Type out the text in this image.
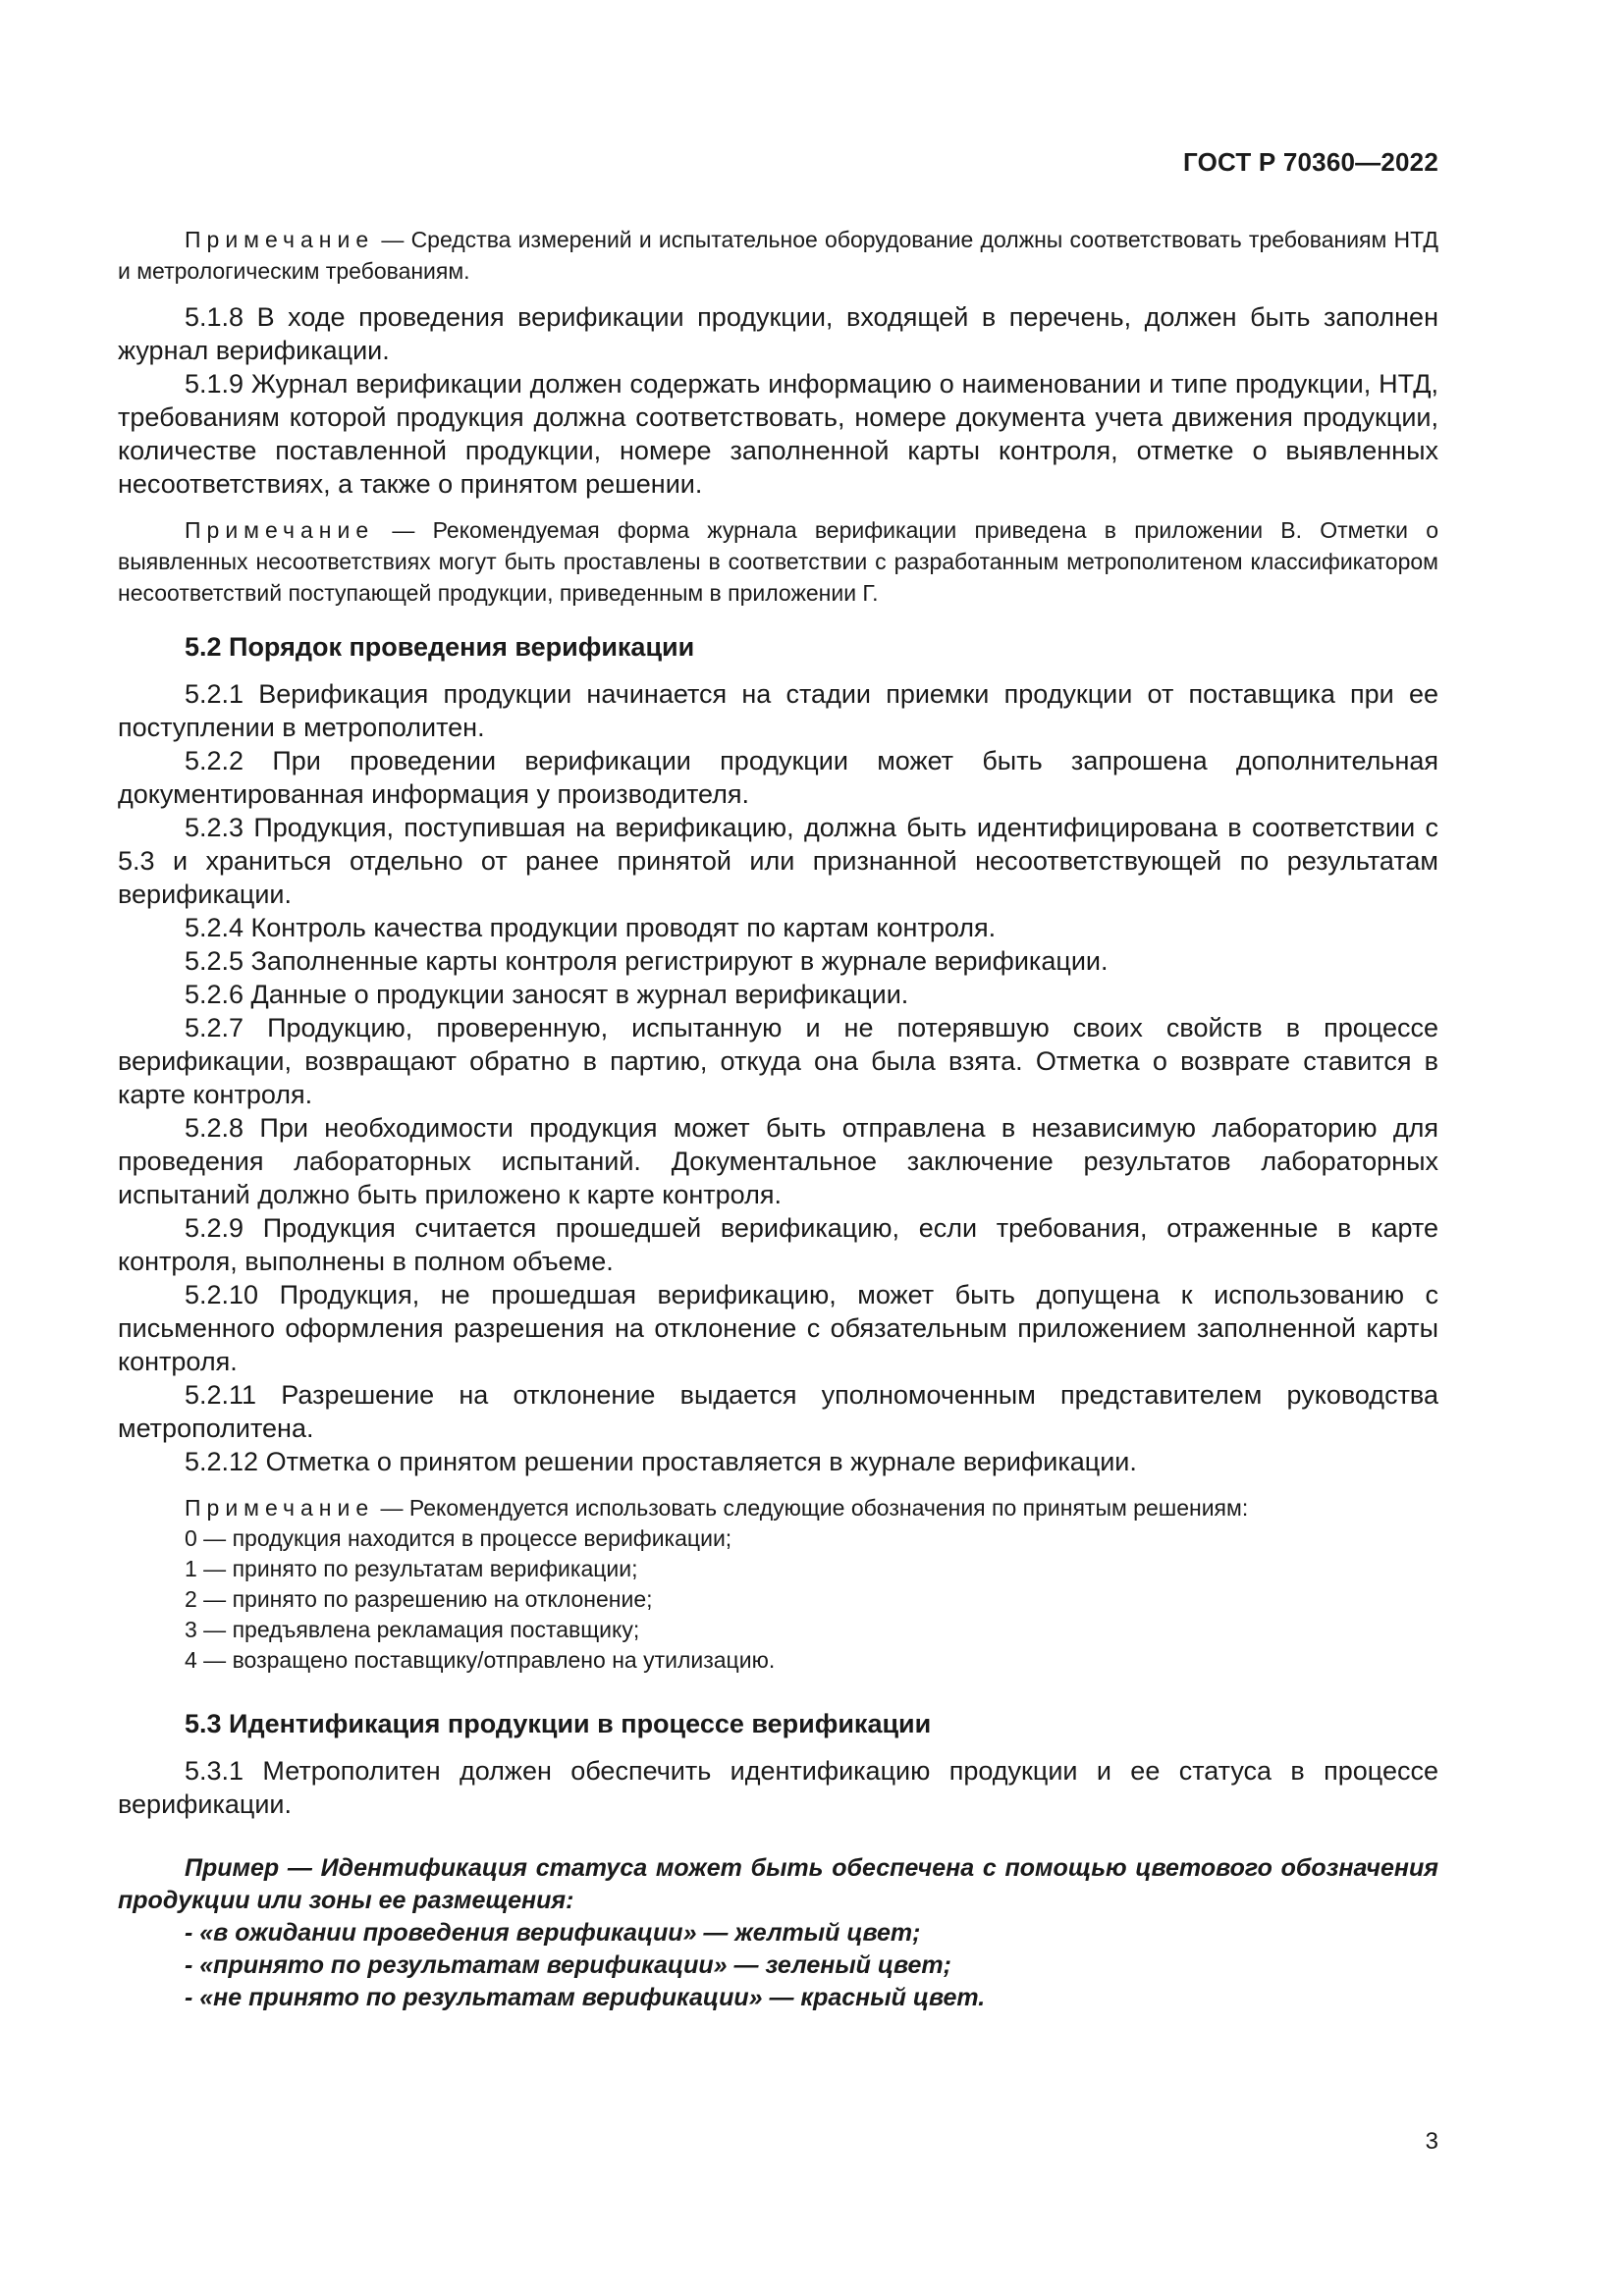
ГОСТ Р 70360—2022

Примечание — Средства измерений и испытательное оборудование должны соответствовать требованиям НТД и метрологическим требованиям.

5.1.8 В ходе проведения верификации продукции, входящей в перечень, должен быть заполнен журнал верификации.

5.1.9 Журнал верификации должен содержать информацию о наименовании и типе продукции, НТД, требованиям которой продукция должна соответствовать, номере документа учета движения продукции, количестве поставленной продукции, номере заполненной карты контроля, отметке о выявленных несоответствиях, а также о принятом решении.

Примечание — Рекомендуемая форма журнала верификации приведена в приложении В. Отметки о выявленных несоответствиях могут быть проставлены в соответствии с разработанным метрополитеном классификатором несоответствий поступающей продукции, приведенным в приложении Г.

5.2 Порядок проведения верификации

5.2.1 Верификация продукции начинается на стадии приемки продукции от поставщика при ее поступлении в метрополитен.

5.2.2 При проведении верификации продукции может быть запрошена дополнительная документированная информация у производителя.

5.2.3 Продукция, поступившая на верификацию, должна быть идентифицирована в соответствии с 5.3 и храниться отдельно от ранее принятой или признанной несоответствующей по результатам верификации.

5.2.4 Контроль качества продукции проводят по картам контроля.

5.2.5 Заполненные карты контроля регистрируют в журнале верификации.

5.2.6 Данные о продукции заносят в журнал верификации.

5.2.7 Продукцию, проверенную, испытанную и не потерявшую своих свойств в процессе верификации, возвращают обратно в партию, откуда она была взята. Отметка о возврате ставится в карте контроля.

5.2.8 При необходимости продукция может быть отправлена в независимую лабораторию для проведения лабораторных испытаний. Документальное заключение результатов лабораторных испытаний должно быть приложено к карте контроля.

5.2.9 Продукция считается прошедшей верификацию, если требования, отраженные в карте контроля, выполнены в полном объеме.

5.2.10 Продукция, не прошедшая верификацию, может быть допущена к использованию с письменного оформления разрешения на отклонение с обязательным приложением заполненной карты контроля.

5.2.11 Разрешение на отклонение выдается уполномоченным представителем руководства метрополитена.

5.2.12 Отметка о принятом решении проставляется в журнале верификации.

Примечание — Рекомендуется использовать следующие обозначения по принятым решениям:

0 — продукция находится в процессе верификации;
1 — принято по результатам верификации;
2 — принято по разрешению на отклонение;
3 — предъявлена рекламация поставщику;
4 — возращено поставщику/отправлено на утилизацию.

5.3 Идентификация продукции в процессе верификации

5.3.1 Метрополитен должен обеспечить идентификацию продукции и ее статуса в процессе верификации.

Пример — Идентификация статуса может быть обеспечена с помощью цветового обозначения продукции или зоны ее размещения:

- «в ожидании проведения верификации» — желтый цвет;
- «принято по результатам верификации» — зеленый цвет;
- «не принято по результатам верификации» — красный цвет.
3
